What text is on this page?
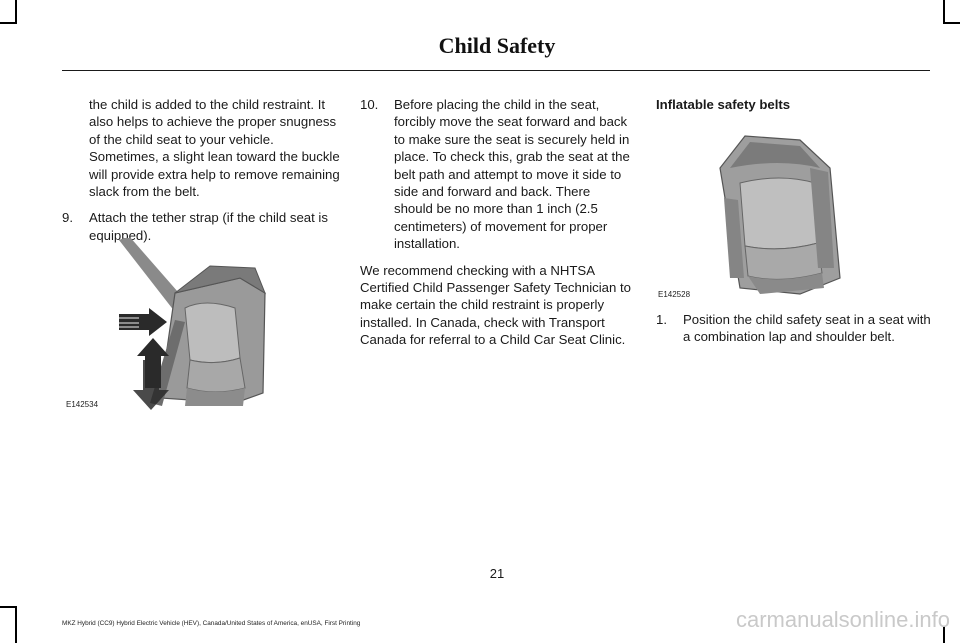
Child Safety

the child is added to the child restraint. It also helps to achieve the proper snugness of the child seat to your vehicle. Sometimes, a slight lean toward the buckle will provide extra help to remove remaining slack from the belt.

9.	Attach the tether strap (if the child seat is equipped).
E142534
10.	Before placing the child in the seat, forcibly move the seat forward and back to make sure the seat is securely held in place. To check this, grab the seat at the belt path and attempt to move it side to side and forward and back. There should be no more than 1 inch (2.5 centimeters) of movement for proper installation.

We recommend checking with a NHTSA Certified Child Passenger Safety Technician to make certain the child restraint is properly installed. In Canada, check with Transport Canada for referral to a Child Car Seat Clinic.

Inflatable safety belts
E142528
1.	Position the child safety seat in a seat with a combination lap and shoulder belt.
21
MKZ Hybrid (CC9) Hybrid Electric Vehicle (HEV), Canada/United States of America, enUSA, First Printing	carmanualsonline.info
